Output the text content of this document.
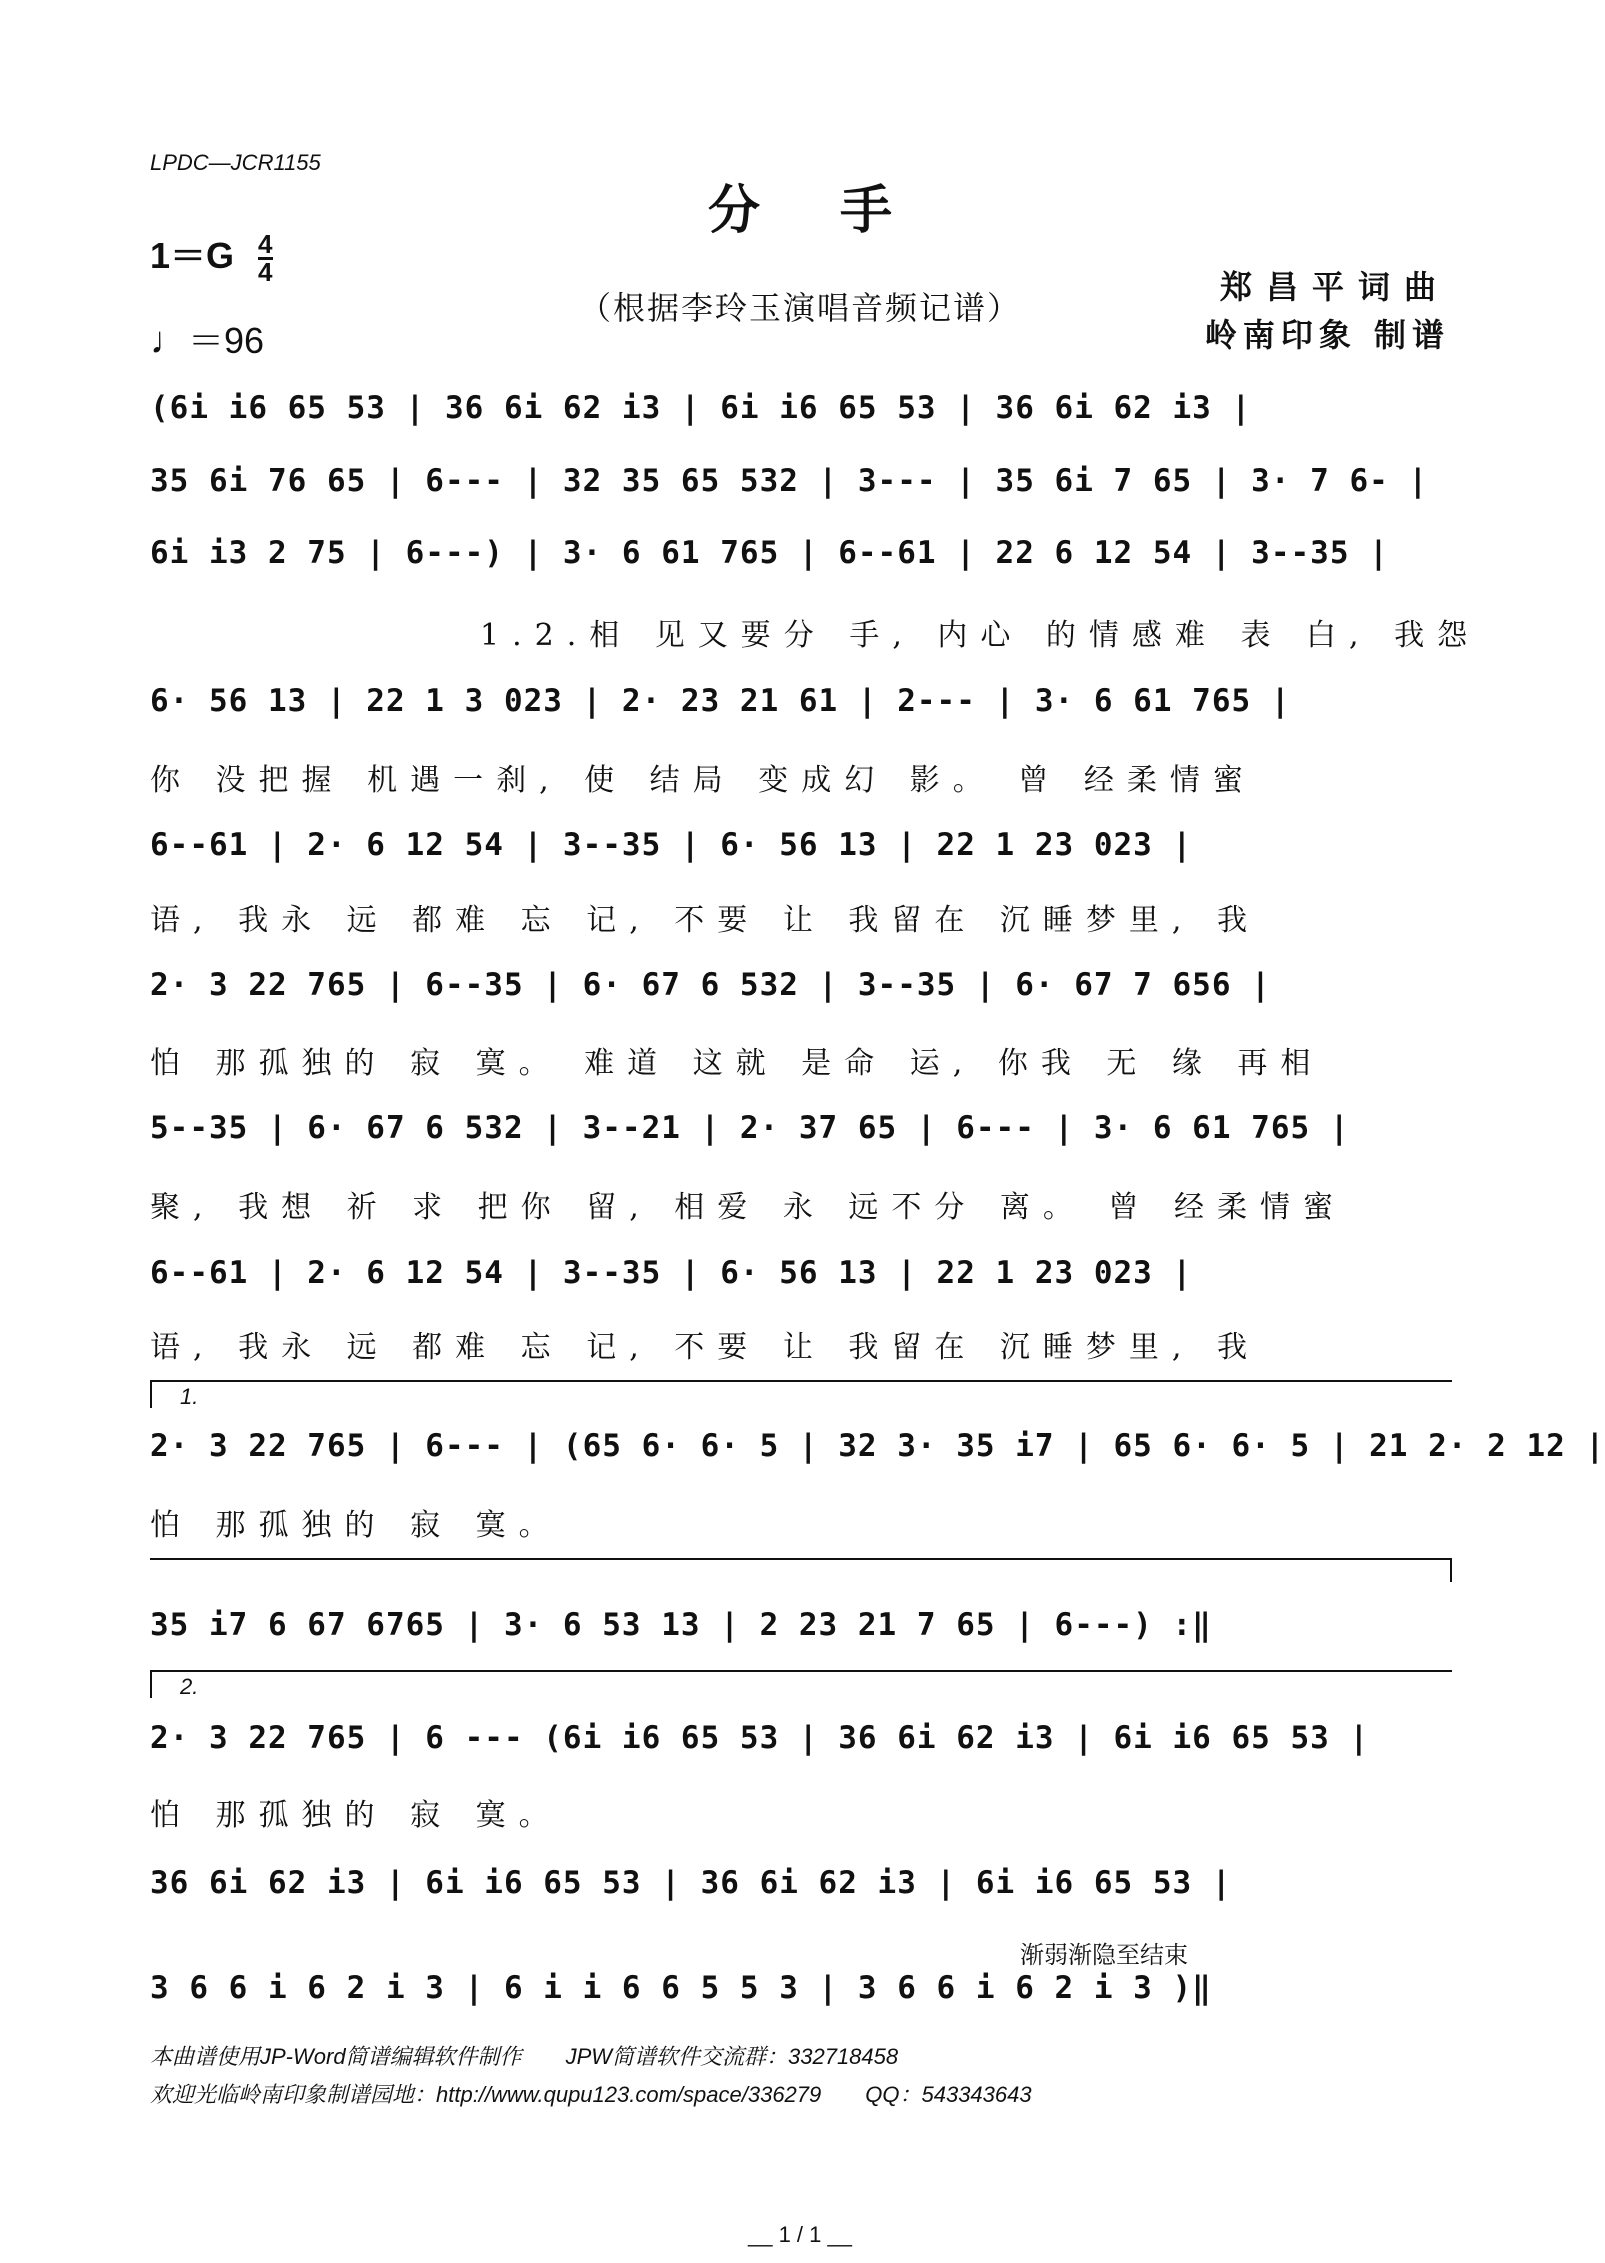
LPDC—JCR1155
分手
$1=G \frac{4}{4}$
♩＝96
（根据李玲玉演唱音频记谱）
郑昌平词曲
岭南印象 制谱
(6i i6 65 53 | 36 6i 62 i3 | 6i i6 65 53 | 36 6i 62 i3 |
35 6i 76 65 | 6--- | 32 35 65 532 | 3--- | 35 6i 7 65 | 3· 7 6- |
6i i3 2 75 | 6---) | 3· 6 61 765 | 6--61 | 22 6 12 54 | 3--35 |
1.2.相 见又要分 手, 内心 的情感难 表 白, 我怨
6· 56 13 | 22 1 3 023 | 2· 23 21 61 | 2--- | 3· 6 61 765 |
你 没把握 机遇一刹, 使 结局 变成幻 影。 曾 经柔情蜜
6--61 | 2· 6 12 54 | 3--35 | 6· 56 13 | 22 1 23 023 |
语, 我永 远 都难 忘 记, 不要 让 我留在 沉睡梦里, 我
2· 3 22 765 | 6--35 | 6· 67 6 532 | 3--35 | 6· 67 7 656 |
怕 那孤独的 寂 寞。 难道 这就 是命 运, 你我 无 缘 再相
5--35 | 6· 67 6 532 | 3--21 | 2· 37 65 | 6--- | 3· 6 61 765 |
聚, 我想 祈 求 把你 留, 相爱 永 远不分 离。 曾 经柔情蜜
6--61 | 2· 6 12 54 | 3--35 | 6· 56 13 | 22 1 23 023 |
语, 我永 远 都难 忘 记, 不要 让 我留在 沉睡梦里, 我
1.
2· 3 22 765 | 6--- | (65 6· 6· 5 | 32 3· 35 i7 | 65 6· 6· 5 | 21 2· 2 12 |
怕 那孤独的 寂 寞。
35 i7 6 67 6765 | 3· 6 53 13 | 2 23 21 7 65 | 6---) :‖
2.
2· 3 22 765 | 6 --- (6i i6 65 53 | 36 6i 62 i3 | 6i i6 65 53 |
怕 那孤独的 寂 寞。
36 6i 62 i3 | 6i i6 65 53 | 36 6i 62 i3 | 6i i6 65 53 |
渐弱渐隐至结束
3 6 6 i 6 2 i 3 | 6 i i 6 6 5 5 3 | 3 6 6 i 6 2 i 3 )‖
本曲谱使用JP-Word简谱编辑软件制作　　JPW简谱软件交流群：332718458
欢迎光临岭南印象制谱园地：http://www.qupu123.com/space/336279　　QQ：543343643
__ 1 / 1 __
